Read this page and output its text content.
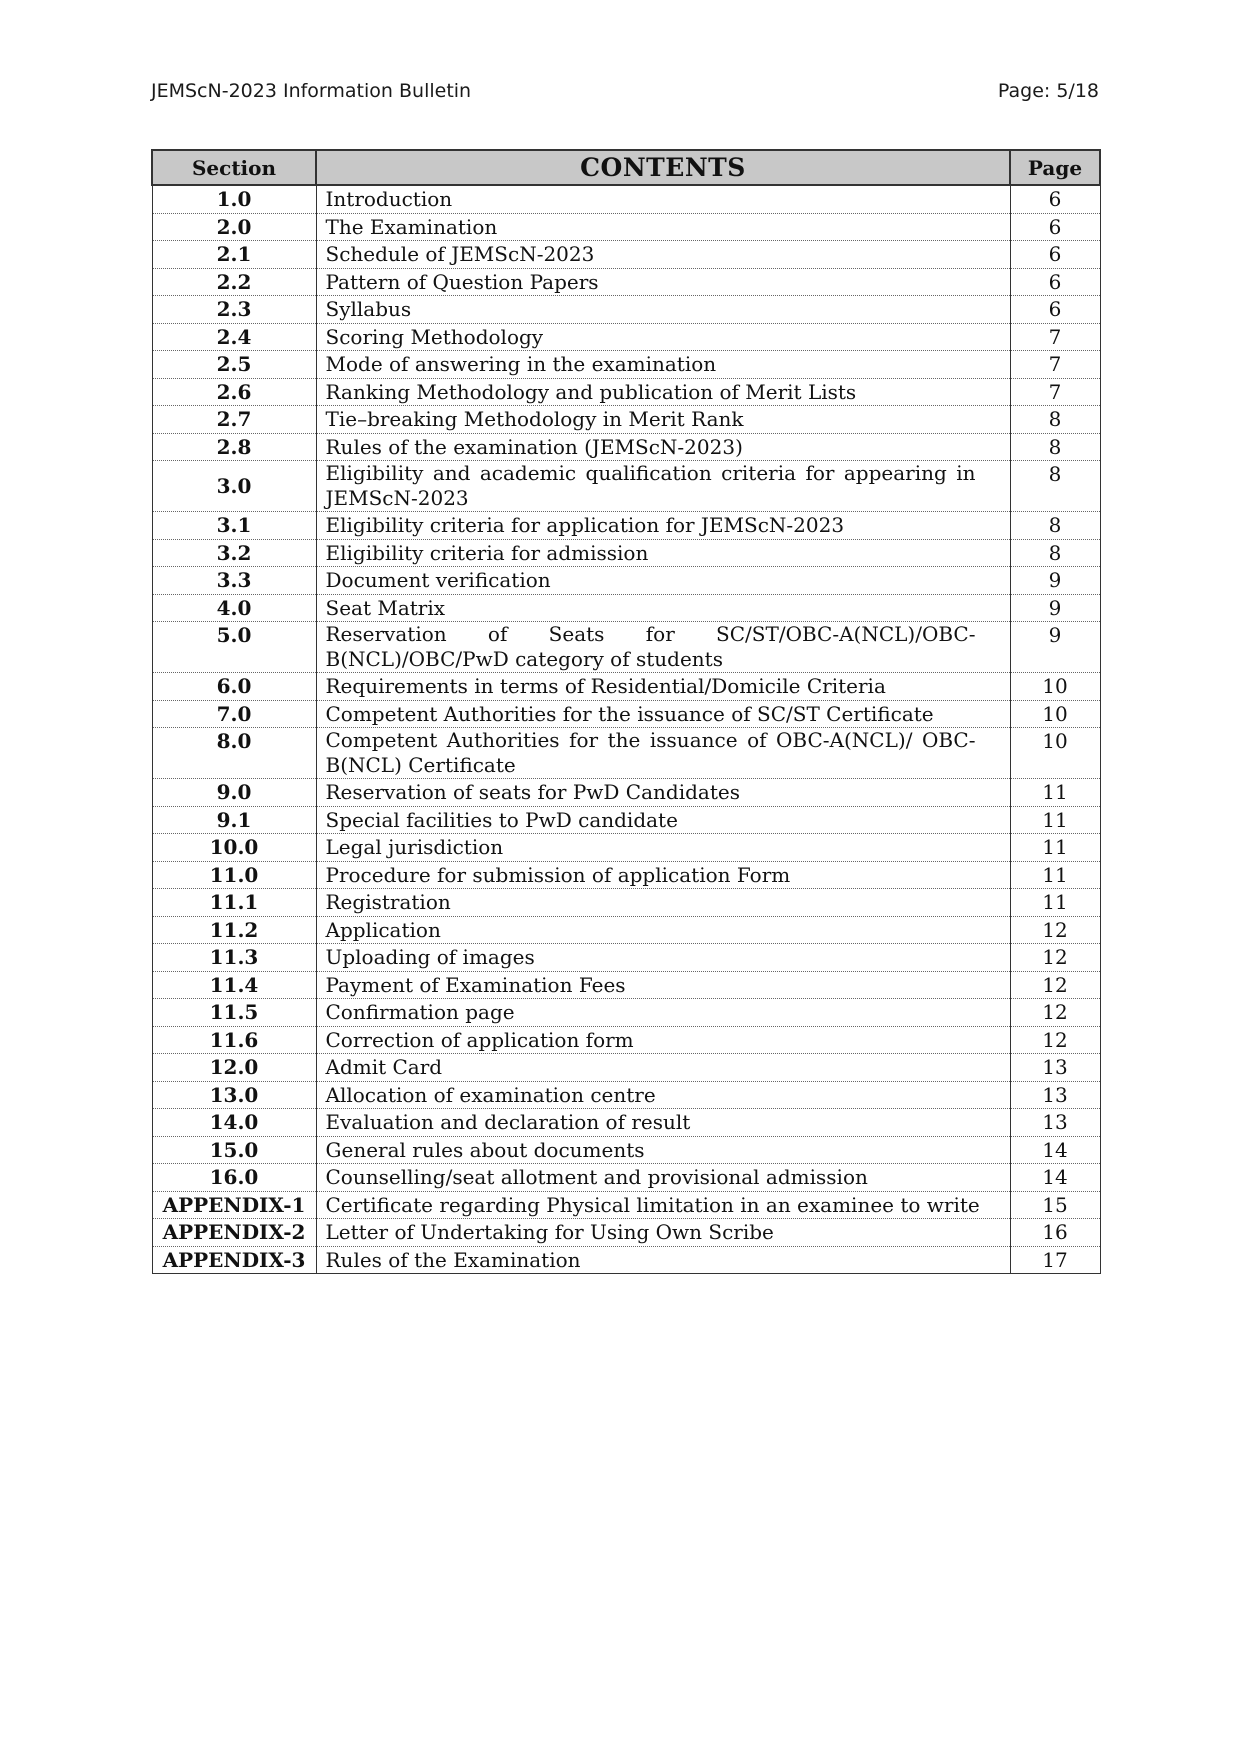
JEMScN-2023 Information Bulletin	Page: 5/18
Section	CONTENTS	Page
1.0	Introduction	6
2.0	The Examination	6
2.1	Schedule of JEMScN-2023	6
2.2	Pattern of Question Papers	6
2.3	Syllabus	6
2.4	Scoring Methodology	7
2.5	Mode of answering in the examination	7
2.6	Ranking Methodology and publication of Merit Lists	7
2.7	Tie–breaking Methodology in Merit Rank	8
2.8	Rules of the examination (JEMScN-2023)	8
3.0	Eligibility and academic qualification criteria for appearing in JEMScN-2023	8
3.1	Eligibility criteria for application for JEMScN-2023	8
3.2	Eligibility criteria for admission	8
3.3	Document verification	9
4.0	Seat Matrix	9
5.0	Reservation of Seats for SC/ST/OBC-A(NCL)/OBC-B(NCL)/OBC/PwD category of students	9
6.0	Requirements in terms of Residential/Domicile Criteria	10
7.0	Competent Authorities for the issuance of SC/ST Certificate	10
8.0	Competent Authorities for the issuance of OBC-A(NCL)/ OBC-B(NCL) Certificate	10
9.0	Reservation of seats for PwD Candidates	11
9.1	Special facilities to PwD candidate	11
10.0	Legal jurisdiction	11
11.0	Procedure for submission of application Form	11
11.1	Registration	11
11.2	Application	12
11.3	Uploading of images	12
11.4	Payment of Examination Fees	12
11.5	Confirmation page	12
11.6	Correction of application form	12
12.0	Admit Card	13
13.0	Allocation of examination centre	13
14.0	Evaluation and declaration of result	13
15.0	General rules about documents	14
16.0	Counselling/seat allotment and provisional admission	14
APPENDIX-1	Certificate regarding Physical limitation in an examinee to write	15
APPENDIX-2	Letter of Undertaking for Using Own Scribe	16
APPENDIX-3	Rules of the Examination	17
